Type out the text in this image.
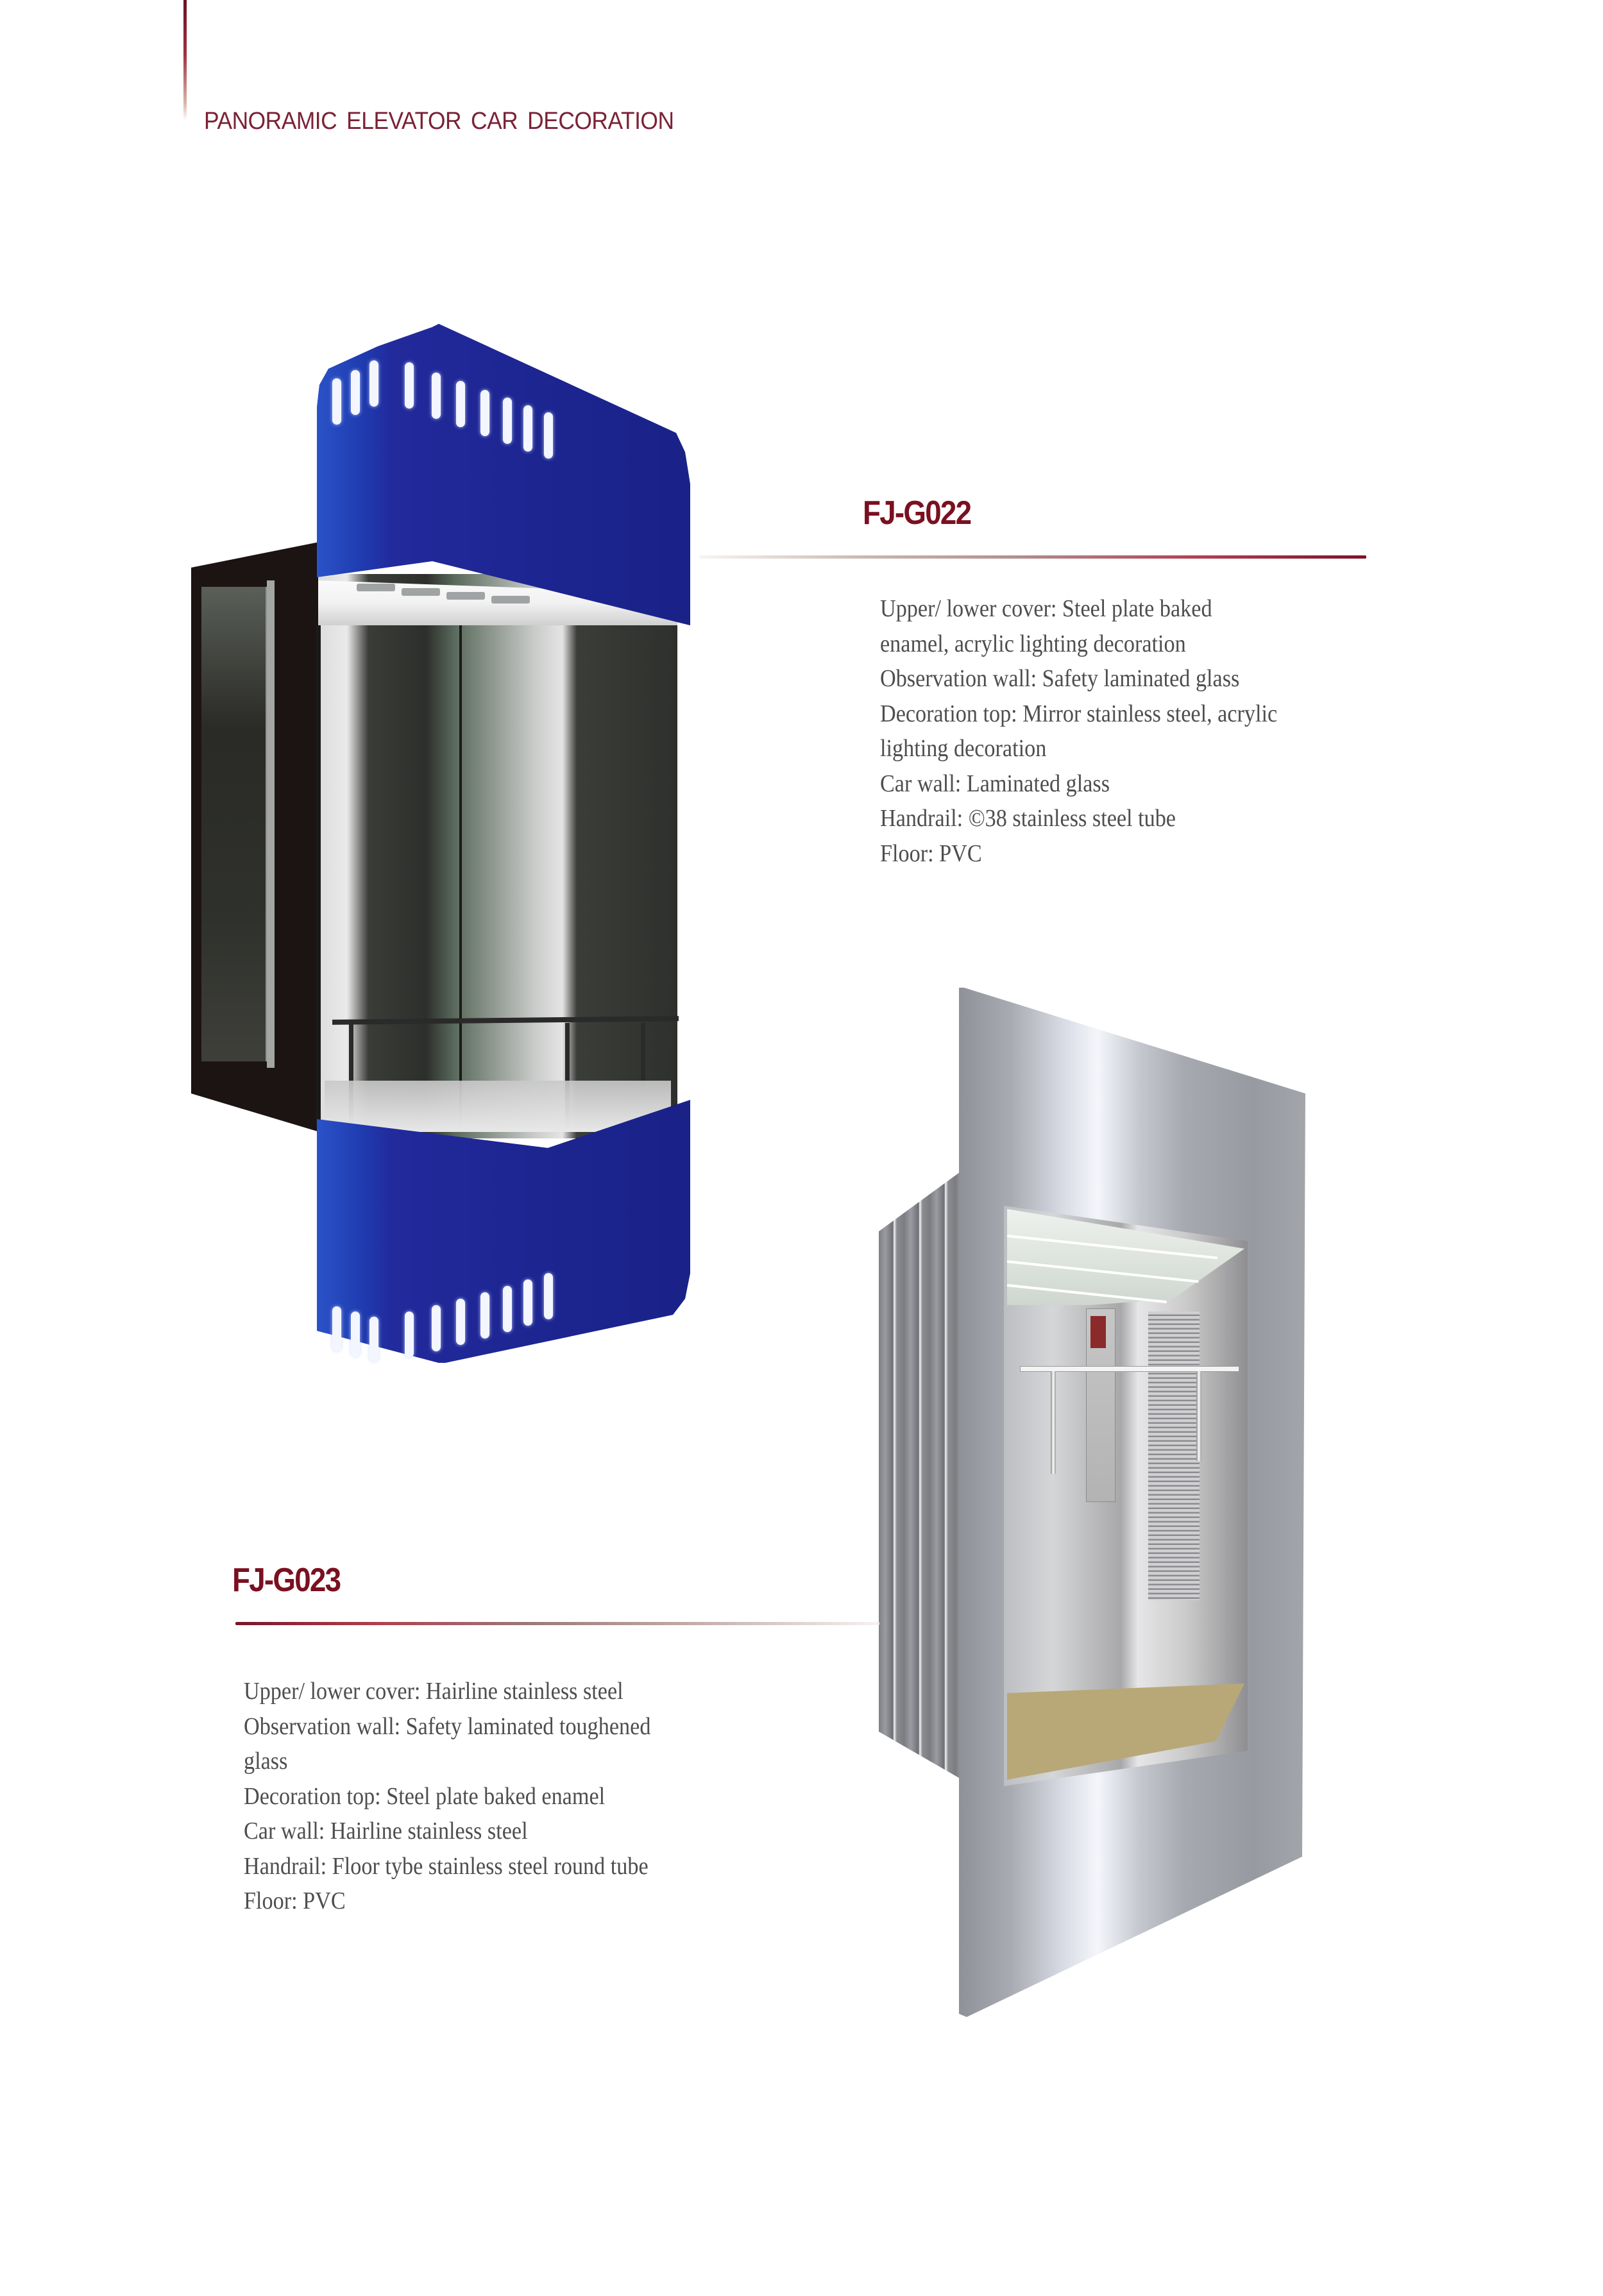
PANORAMIC ELEVATOR CAR DECORATION
FJ-G022
Upper/ lower cover: Steel plate baked
enamel, acrylic lighting decoration
Observation wall: Safety laminated glass
Decoration top: Mirror stainless steel, acrylic
lighting decoration
Car wall: Laminated glass
Handrail: ©38 stainless steel tube
Floor: PVC
FJ-G023
Upper/ lower cover: Hairline stainless steel
Observation wall: Safety laminated toughened
glass
Decoration top: Steel plate baked enamel
Car wall: Hairline stainless steel
Handrail: Floor tybe stainless steel round tube
Floor: PVC
